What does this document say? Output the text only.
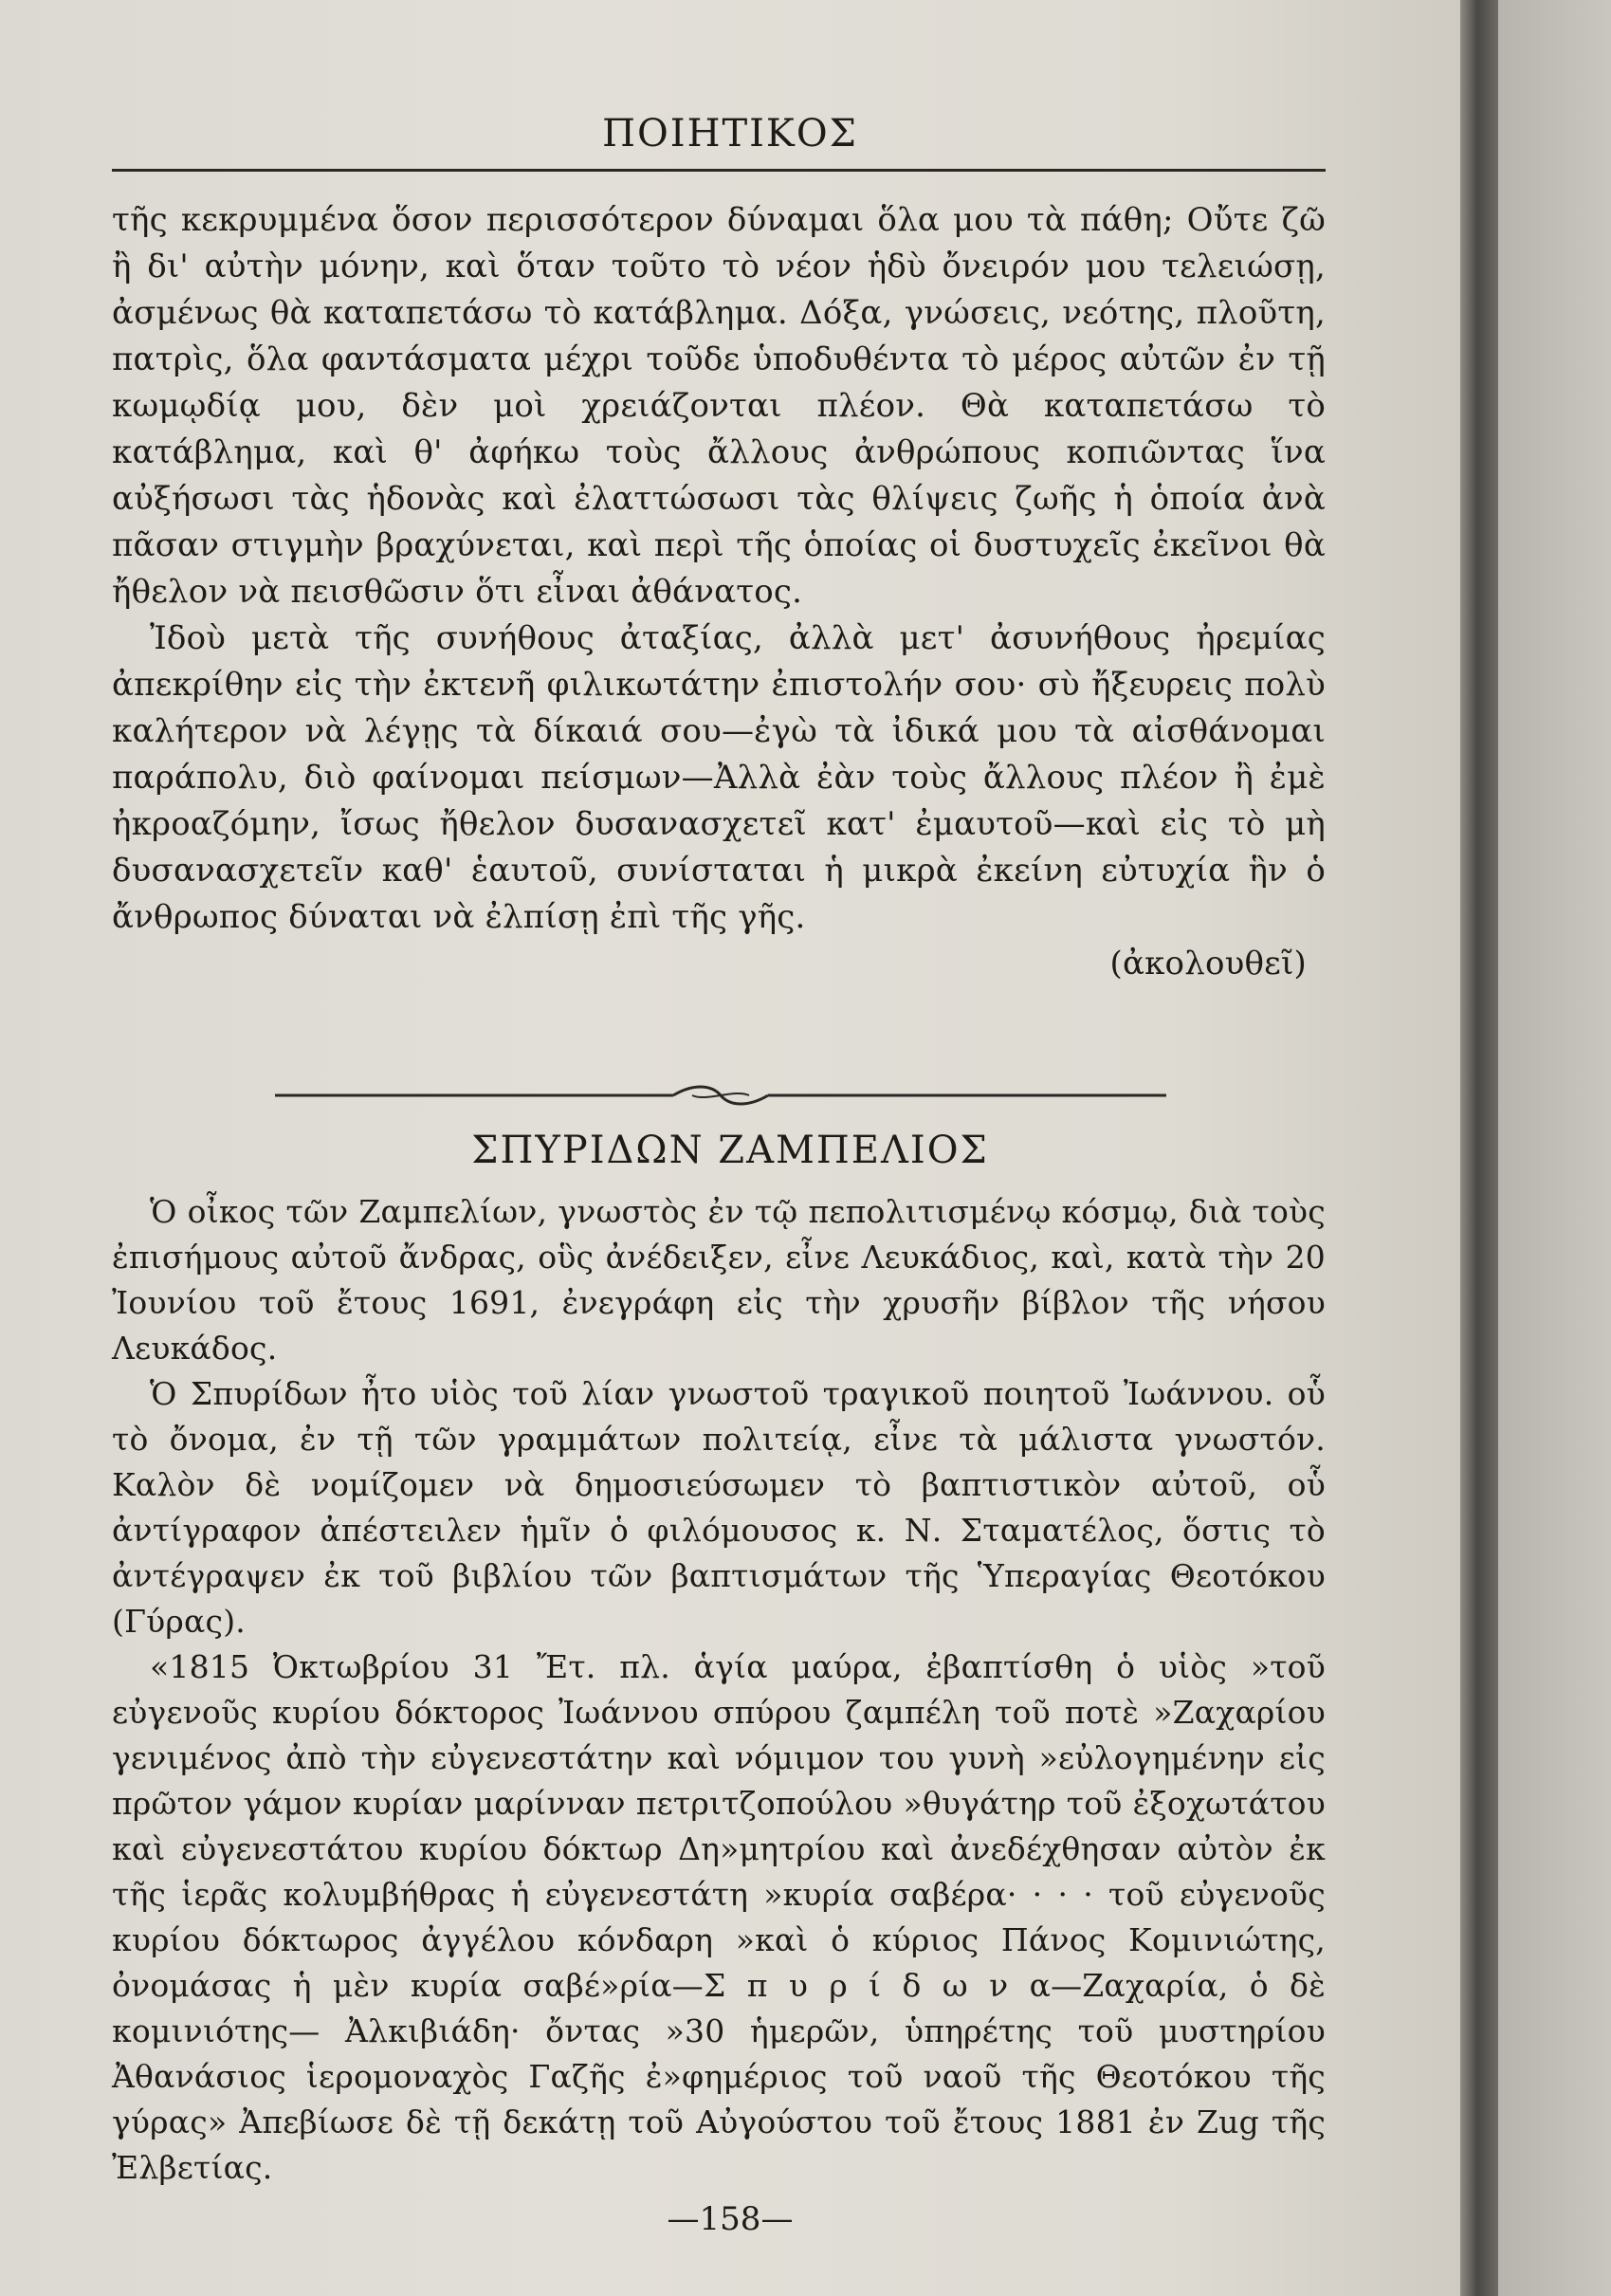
ΠΟΙΗΤΙΚΟΣ

τῆς κεκρυμμένα ὅσον περισσότερον δύναμαι ὅλα μου τὰ πάθη; Οὔτε ζῶ ἢ δι' αὐτὴν μόνην, καὶ ὅταν τοῦτο τὸ νέον ἡδὺ ὄνειρόν μου τελειώσῃ, ἀσμένως θὰ καταπετάσω τὸ κατάβλημα. Δόξα, γνώσεις, νεότης, πλοῦτη, πατρὶς, ὅλα φαντάσματα μέχρι τοῦδε ὑποδυθέντα τὸ μέρος αὐτῶν ἐν τῇ κωμῳδίᾳ μου, δὲν μοὶ χρειάζονται πλέον. Θὰ καταπετάσω τὸ κατάβλημα, καὶ θ' ἀφήκω τοὺς ἄλλους ἀνθρώπους κοπιῶντας ἵνα αὐξήσωσι τὰς ἡδονὰς καὶ ἐλαττώσωσι τὰς θλίψεις ζωῆς ἡ ὁποία ἀνὰ πᾶσαν στιγμὴν βραχύνεται, καὶ περὶ τῆς ὁποίας οἱ δυστυχεῖς ἐκεῖνοι θὰ ἤθελον νὰ πεισθῶσιν ὅτι εἶναι ἀθάνατος.

Ἰδοὺ μετὰ τῆς συνήθους ἀταξίας, ἀλλὰ μετ' ἀσυνήθους ἠρεμίας ἀπεκρίθην εἰς τὴν ἐκτενῆ φιλικωτάτην ἐπιστολήν σου· σὺ ἤξευρεις πολὺ καλήτερον νὰ λέγῃς τὰ δίκαιά σου—ἐγὼ τὰ ἰδικά μου τὰ αἰσθάνομαι παράπολυ, διὸ φαίνομαι πείσμων—Ἀλλὰ ἐὰν τοὺς ἄλλους πλέον ἢ ἐμὲ ἠκροαζόμην, ἴσως ἤθελον δυσανασχετεῖ κατ' ἐμαυτοῦ—καὶ εἰς τὸ μὴ δυσανασχετεῖν καθ' ἑαυτοῦ, συνίσταται ἡ μικρὰ ἐκείνη εὐτυχία ἣν ὁ ἄνθρωπος δύναται νὰ ἐλπίσῃ ἐπὶ τῆς γῆς.

(ἀκολουθεῖ)

ΣΠΥΡΙΔΩΝ ΖΑΜΠΕΛΙΟΣ

Ὁ οἶκος τῶν Ζαμπελίων, γνωστὸς ἐν τῷ πεπολιτισμένῳ κόσμῳ, διὰ τοὺς ἐπισήμους αὐτοῦ ἄνδρας, οὓς ἀνέδειξεν, εἶνε Λευκάδιος, καὶ, κατὰ τὴν 20 Ἰουνίου τοῦ ἔτους 1691, ἐνεγράφη εἰς τὴν χρυσῆν βίβλον τῆς νήσου Λευκάδος.

Ὁ Σπυρίδων ἦτο υἱὸς τοῦ λίαν γνωστοῦ τραγικοῦ ποιητοῦ Ἰωάννου. οὗ τὸ ὄνομα, ἐν τῇ τῶν γραμμάτων πολιτείᾳ, εἶνε τὰ μάλιστα γνωστόν. Καλὸν δὲ νομίζομεν νὰ δημοσιεύσωμεν τὸ βαπτιστικὸν αὐτοῦ, οὗ ἀντίγραφον ἀπέστειλεν ἡμῖν ὁ φιλόμουσος κ. Ν. Σταματέλος, ὅστις τὸ ἀντέγραψεν ἐκ τοῦ βιβλίου τῶν βαπτισμάτων τῆς Ὑπεραγίας Θεοτόκου (Γύρας).

«1815 Ὀκτωβρίου 31 Ἔτ. πλ. ἁγία μαύρα, ἐβαπτίσθη ὁ υἱὸς »τοῦ εὐγενοῦς κυρίου δόκτορος Ἰωάννου σπύρου ζαμπέλη τοῦ ποτὲ »Ζαχαρίου γενιμένος ἀπὸ τὴν εὐγενεστάτην καὶ νόμιμον του γυνὴ »εὐλογημένην εἰς πρῶτον γάμον κυρίαν μαρίνναν πετριτζοπούλου »θυγάτηρ τοῦ ἐξοχωτάτου καὶ εὐγενεστάτου κυρίου δόκτωρ Δη»μητρίου καὶ ἀνεδέχθησαν αὐτὸν ἐκ τῆς ἱερᾶς κολυμβήθρας ἡ εὐγενεστάτη »κυρία σαβέρα· · · · τοῦ εὐγενοῦς κυρίου δόκτωρος ἀγγέλου κόνδαρη »καὶ ὁ κύριος Πάνος Κομινιώτης, ὀνομάσας ἡ μὲν κυρία σαβέ»ρία—Σ π υ ρ ί δ ω ν α—Ζαχαρία, ὁ δὲ κομινιότης— Ἀλκιβιάδη· ὄντας »30 ἡμερῶν, ὑπηρέτης τοῦ μυστηρίου Ἀθανάσιος ἱερομοναχὸς Γαζῆς ἐ»φημέριος τοῦ ναοῦ τῆς Θεοτόκου τῆς γύρας» Ἀπεβίωσε δὲ τῇ δεκάτῃ τοῦ Αὐγούστου τοῦ ἔτους 1881 ἐν Zug τῆς Ἐλβετίας.

—158—
